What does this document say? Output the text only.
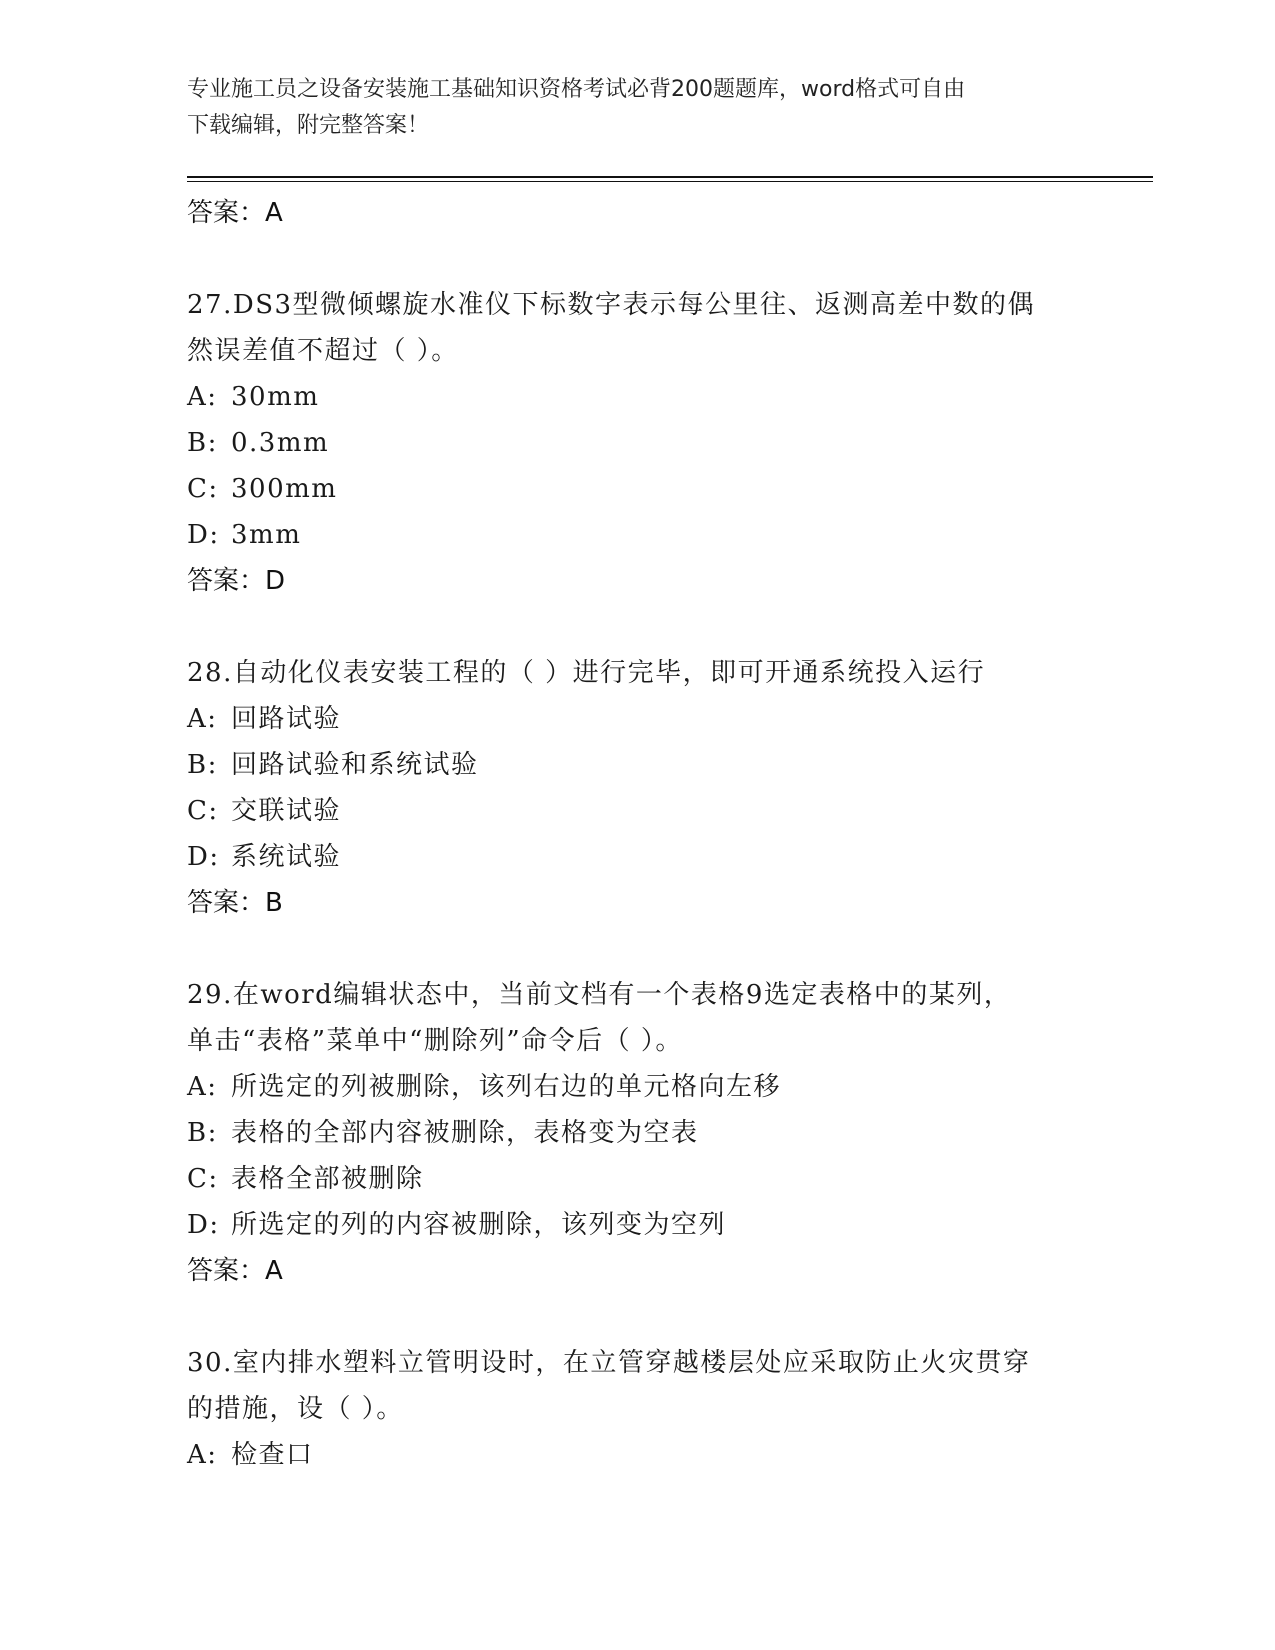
专业施工员之设备安装施工基础知识资格考试必背200题题库，word格式可自由
下载编辑，附完整答案！
答案：A
27.DS3型微倾螺旋水准仪下标数字表示每公里往、返测高差中数的偶
然误差值不超过（ ）。
A: 30mm
B: 0.3mm
C: 300mm
D: 3mm
答案：D
28.自动化仪表安装工程的（ ）进行完毕，即可开通系统投入运行
A: 回路试验
B: 回路试验和系统试验
C: 交联试验
D: 系统试验
答案：B
29.在word编辑状态中，当前文档有一个表格9选定表格中的某列，
单击“表格”菜单中“删除列”命令后（ ）。
A: 所选定的列被删除，该列右边的单元格向左移
B: 表格的全部内容被删除，表格变为空表
C: 表格全部被删除
D: 所选定的列的内容被删除，该列变为空列
答案：A
30.室内排水塑料立管明设时，在立管穿越楼层处应采取防止火灾贯穿
的措施，设（ ）。
A: 检查口
